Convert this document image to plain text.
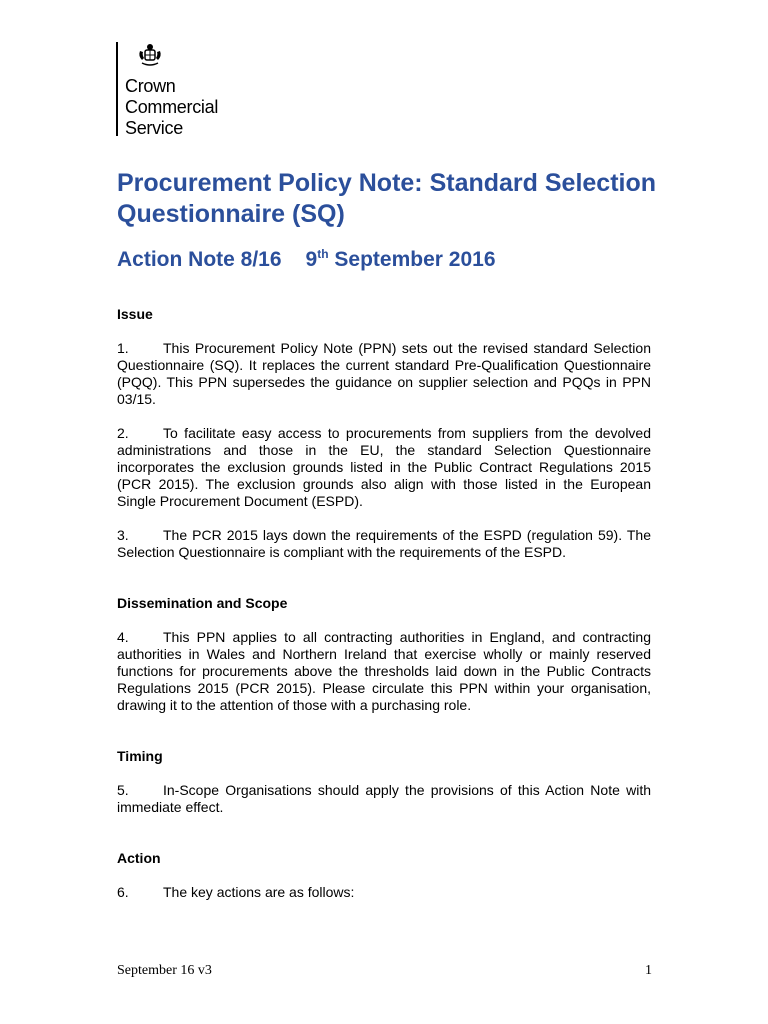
Crown
Commercial
Service
Procurement Policy Note: Standard Selection Questionnaire (SQ)
Action Note 8/16 9th September 2016
Issue

1. This Procurement Policy Note (PPN) sets out the revised standard Selection Questionnaire (SQ). It replaces the current standard Pre-Qualification Questionnaire (PQQ). This PPN supersedes the guidance on supplier selection and PQQs in PPN 03/15.

2. To facilitate easy access to procurements from suppliers from the devolved administrations and those in the EU, the standard Selection Questionnaire incorporates the exclusion grounds listed in the Public Contract Regulations 2015 (PCR 2015). The exclusion grounds also align with those listed in the European Single Procurement Document (ESPD).

3. The PCR 2015 lays down the requirements of the ESPD (regulation 59). The Selection Questionnaire is compliant with the requirements of the ESPD.

Dissemination and Scope

4. This PPN applies to all contracting authorities in England, and contracting authorities in Wales and Northern Ireland that exercise wholly or mainly reserved functions for procurements above the thresholds laid down in the Public Contracts Regulations 2015 (PCR 2015). Please circulate this PPN within your organisation, drawing it to the attention of those with a purchasing role.

Timing

5. In-Scope Organisations should apply the provisions of this Action Note with immediate effect.

Action

6. The key actions are as follows:

September 16 v3	1
